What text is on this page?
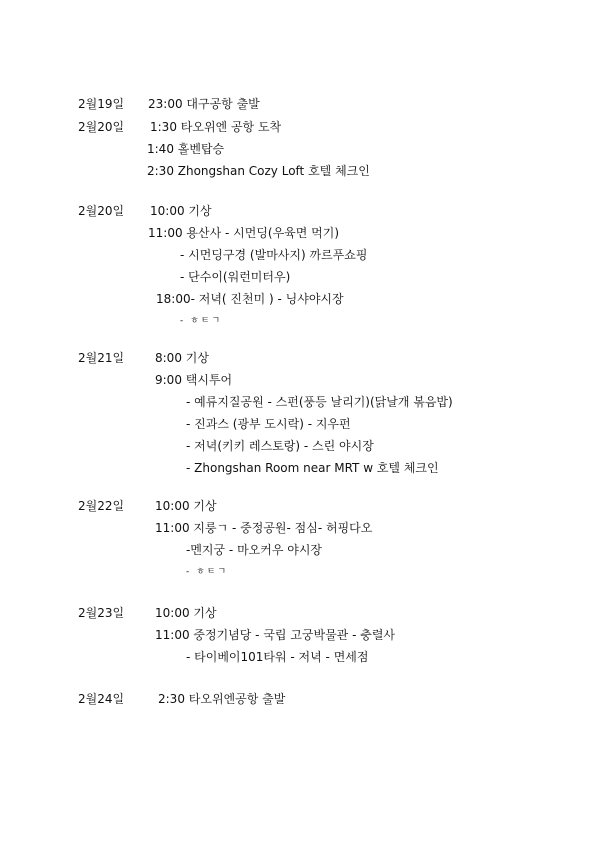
2월19일 23:00 대구공항 출발
2월20일 1:30 타오위엔 공항 도착
1:40 홀벤탑승
2:30 Zhongshan Cozy Loft 호텔 체크인
2월20일 10:00 기상
11:00 용산사 - 시먼딩(우육면 먹기)
- 시먼딩구경 (발마사지) 까르푸쇼핑
- 단수이(워런미터우)
18:00- 저녁( 진천미 ) - 닝샤야시장
- ㅎㅌㄱ
2월21일	8:00 기상
9:00 택시투어
- 예류지질공원 - 스펀(풍등 날리기)(닭날개 볶음밥)
- 진과스 (광부 도시락) - 지우펀
- 저녁(키키 레스토랑) - 스린 야시장
- Zhongshan Room near MRT w 호텔 체크인
2월22일	10:00 기상
11:00 지룽ㄱ - 중정공원- 점심- 허핑다오
-멘지궁 - 마오커우 야시장
- ㅎㅌㄱ
2월23일	10:00 기상
11:00 중정기념당 - 국립 고궁박물관 - 충렬사
- 타이베이101타워 - 저녁 - 면세점
2월24일	2:30 타오위엔공항 출발
